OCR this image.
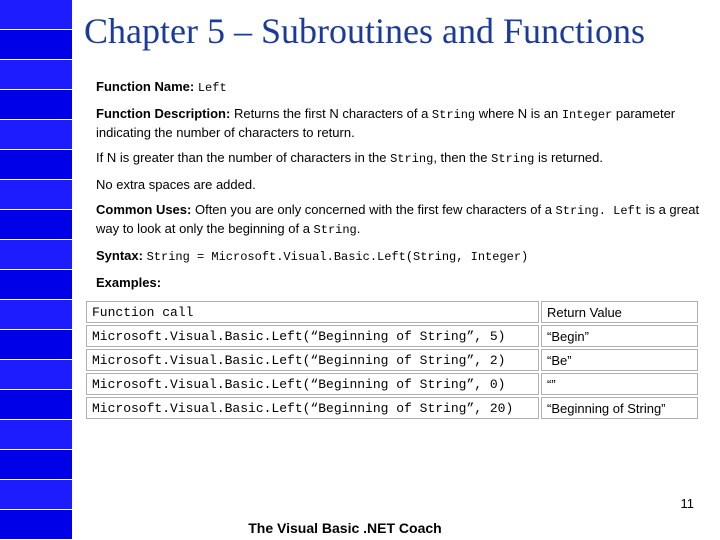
Chapter 5 – Subroutines and Functions

Function Name: Left

Function Description: Returns the first N characters of a String where N is an Integer parameter indicating the number of characters to return.

If N is greater than the number of characters in the String, then the String is returned.

No extra spaces are added.

Common Uses: Often you are only concerned with the first few characters of a String. Left is a great way to look at only the beginning of a String.

Syntax: String = Microsoft.Visual.Basic.Left(String, Integer)

Examples:

Function call	Return Value
Microsoft.Visual.Basic.Left(“Beginning of String”, 5)	“Begin”
Microsoft.Visual.Basic.Left(“Beginning of String”, 2)	“Be”
Microsoft.Visual.Basic.Left(“Beginning of String”, 0)	“”
Microsoft.Visual.Basic.Left(“Beginning of String”, 20)	“Beginning of String”
11
The Visual Basic .NET Coach
